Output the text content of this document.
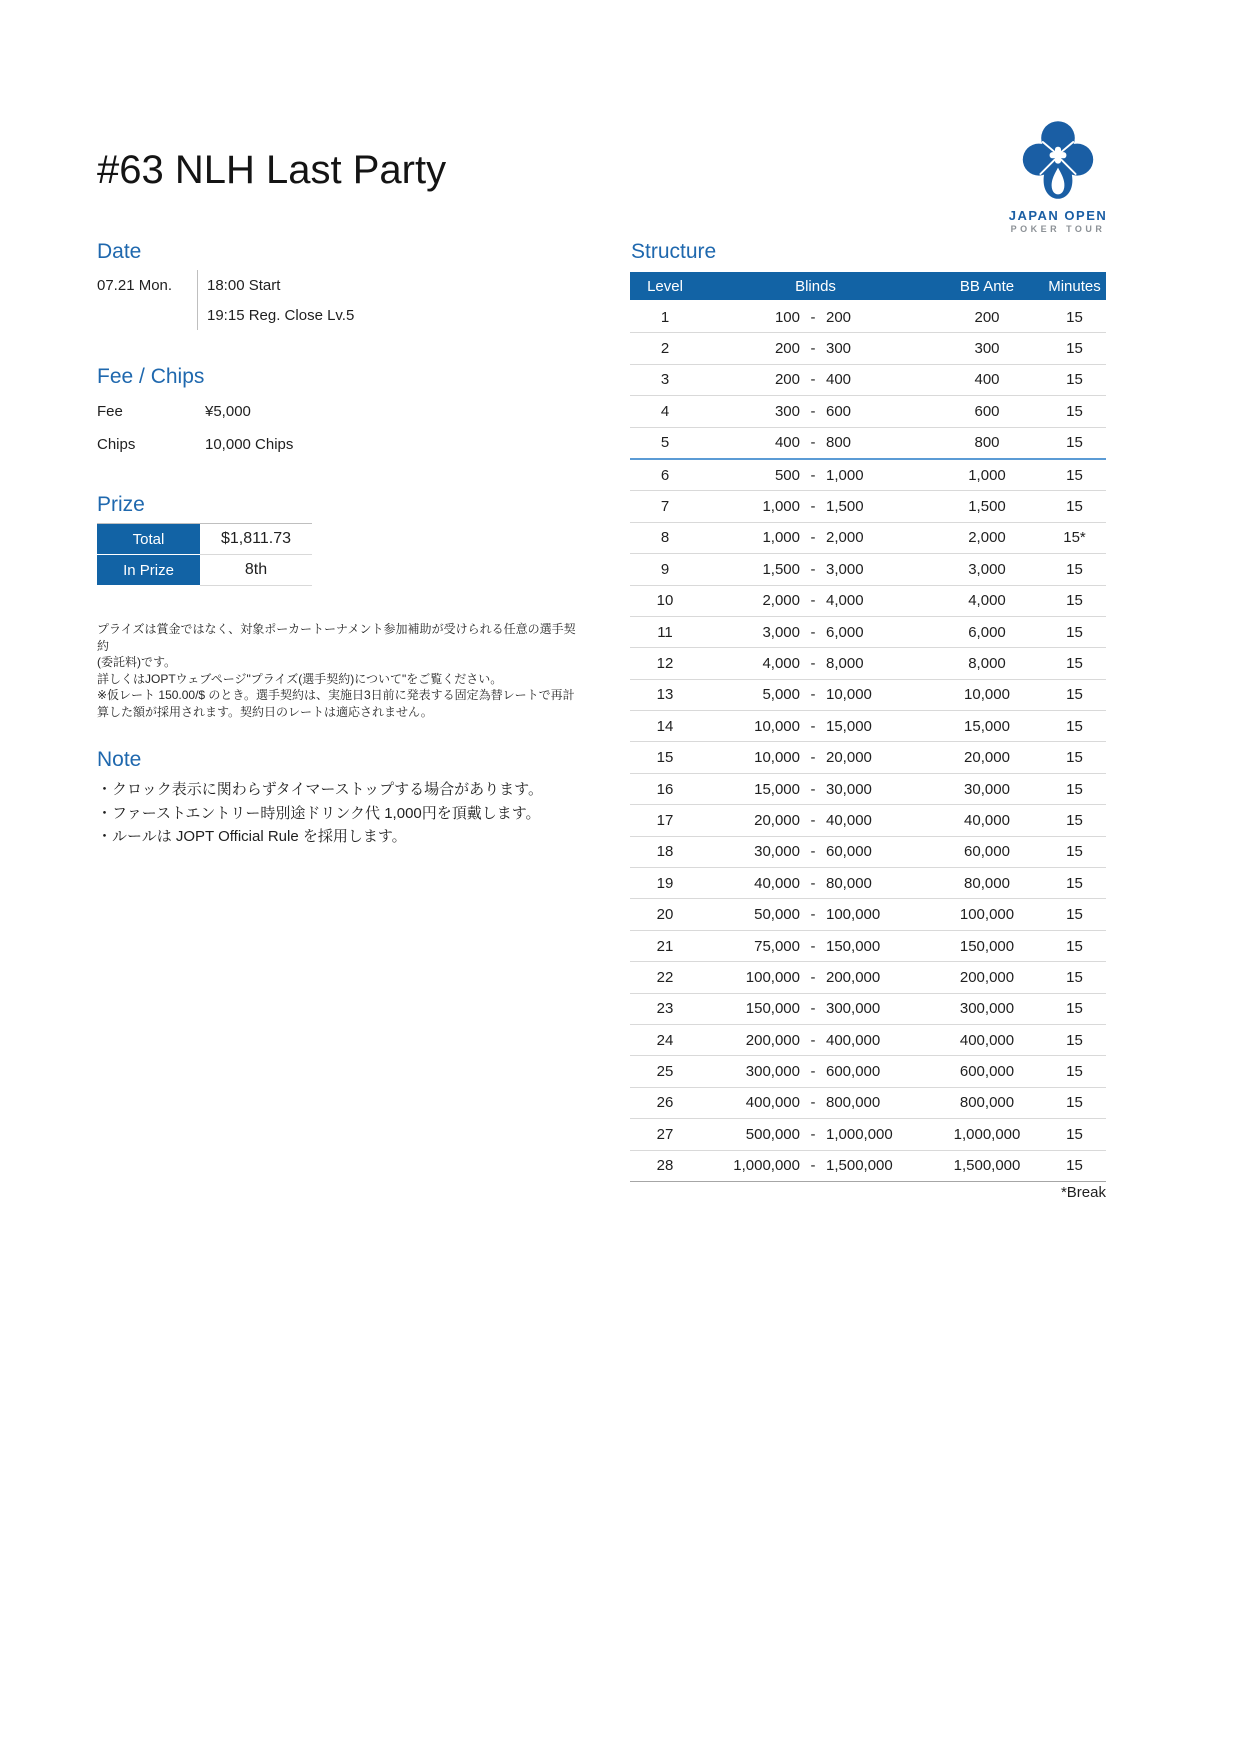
#63 NLH Last Party
JAPAN OPEN
POKER TOUR
Date
07.21 Mon.	18:00 Start
19:15 Reg. Close Lv.5
Fee / Chips
Fee	¥5,000
Chips	10,000 Chips
Prize
Total	$1,811.73
In Prize	8th
プライズは賞金ではなく、対象ポーカートーナメント参加補助が受けられる任意の選手契約
(委託料)です。
詳しくはJOPTウェブページ"プライズ(選手契約)について"をご覧ください。
※仮レート 150.00/$ のとき。選手契約は、実施日3日前に発表する固定為替レートで再計
算した額が採用されます。契約日のレートは適応されません。
Note
・クロック表示に関わらずタイマーストップする場合があります。
・ファーストエントリー時別途ドリンク代 1,000円を頂戴します。
・ルールは JOPT Official Rule を採用します。
Structure
Level	Blinds	BB Ante	Minutes
1	100 - 200	200	15
2	200 - 300	300	15
3	200 - 400	400	15
4	300 - 600	600	15
5	400 - 800	800	15
6	500 - 1,000	1,000	15
7	1,000 - 1,500	1,500	15
8	1,000 - 2,000	2,000	15*
9	1,500 - 3,000	3,000	15
10	2,000 - 4,000	4,000	15
11	3,000 - 6,000	6,000	15
12	4,000 - 8,000	8,000	15
13	5,000 - 10,000	10,000	15
14	10,000 - 15,000	15,000	15
15	10,000 - 20,000	20,000	15
16	15,000 - 30,000	30,000	15
17	20,000 - 40,000	40,000	15
18	30,000 - 60,000	60,000	15
19	40,000 - 80,000	80,000	15
20	50,000 - 100,000	100,000	15
21	75,000 - 150,000	150,000	15
22	100,000 - 200,000	200,000	15
23	150,000 - 300,000	300,000	15
24	200,000 - 400,000	400,000	15
25	300,000 - 600,000	600,000	15
26	400,000 - 800,000	800,000	15
27	500,000 - 1,000,000	1,000,000	15
28	1,000,000 - 1,500,000	1,500,000	15
*Break
